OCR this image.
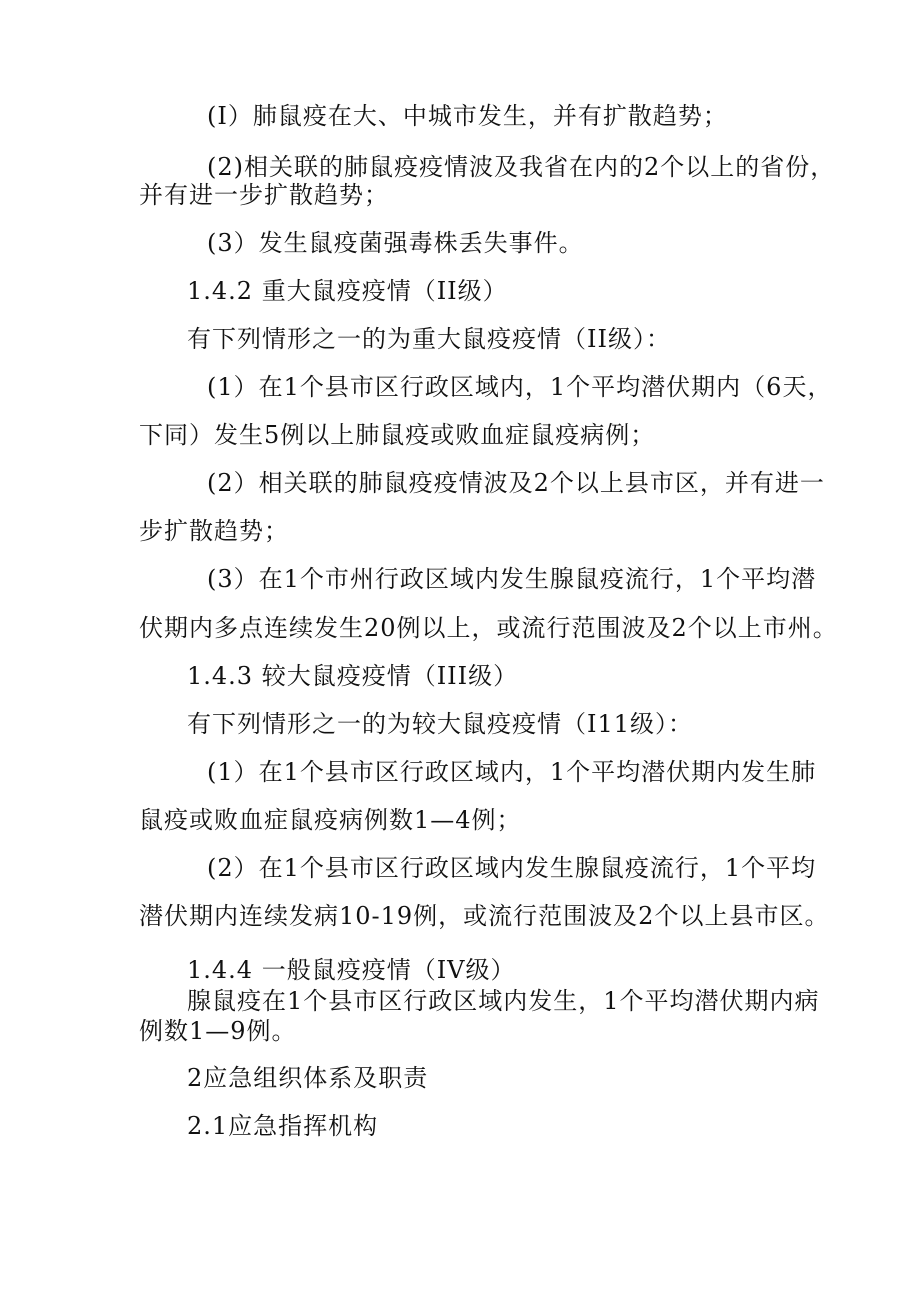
(I）肺鼠疫在大、中城市发生，并有扩散趋势；
(2)相关联的肺鼠疫疫情波及我省在内的2个以上的省份，
并有进一步扩散趋势；
(3）发生鼠疫菌强毒株丢失事件。
1.4.2 重大鼠疫疫情（II级）
有下列情形之一的为重大鼠疫疫情（II级）：
(1）在1个县市区行政区域内，1个平均潜伏期内（6天，
下同）发生5例以上肺鼠疫或败血症鼠疫病例；
(2）相关联的肺鼠疫疫情波及2个以上县市区，并有进一
步扩散趋势；
(3）在1个市州行政区域内发生腺鼠疫流行，1个平均潜
伏期内多点连续发生20例以上，或流行范围波及2个以上市州。
1.4.3 较大鼠疫疫情（III级）
有下列情形之一的为较大鼠疫疫情（I11级）：
(1）在1个县市区行政区域内，1个平均潜伏期内发生肺
鼠疫或败血症鼠疫病例数1—4例；
(2）在1个县市区行政区域内发生腺鼠疫流行，1个平均
潜伏期内连续发病10-19例，或流行范围波及2个以上县市区。
1.4.4 一般鼠疫疫情（IV级）
腺鼠疫在1个县市区行政区域内发生，1个平均潜伏期内病
例数1—9例。
2应急组织体系及职责
2.1应急指挥机构
